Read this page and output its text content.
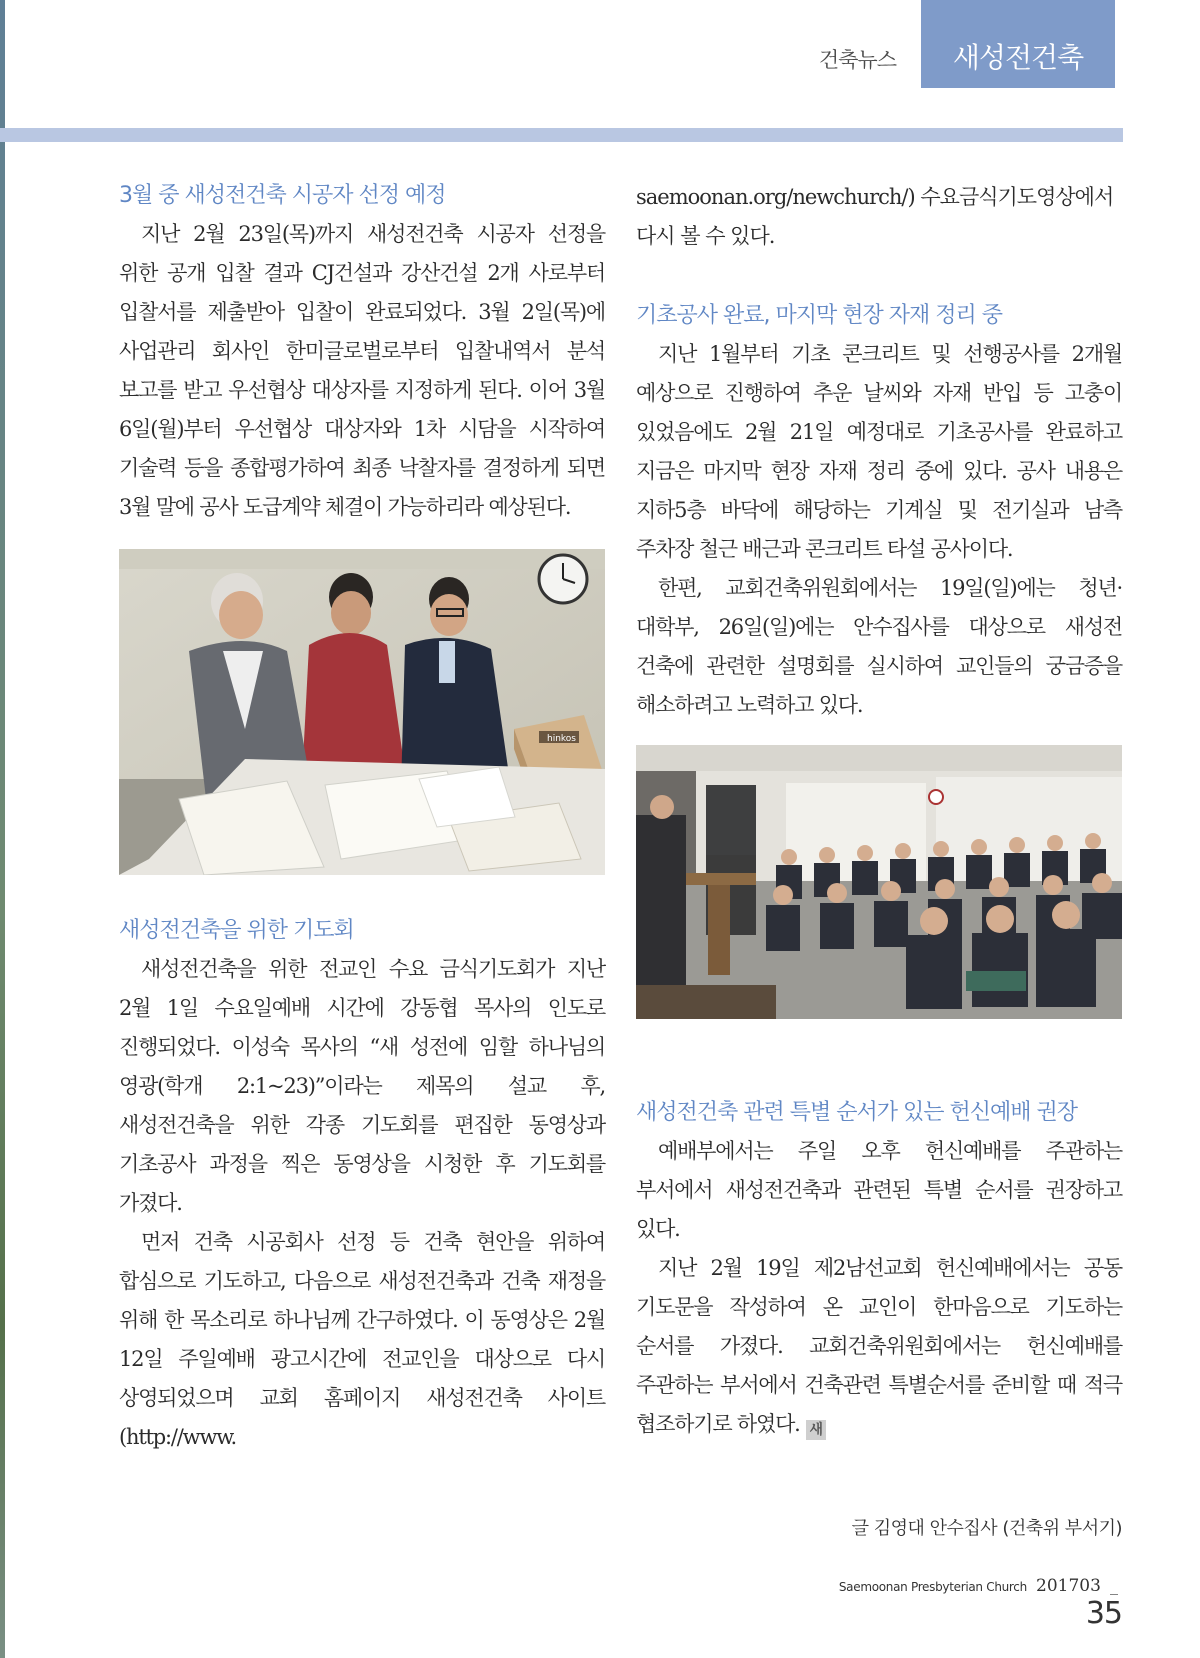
건축뉴스 새성전건축
3월 중 새성전건축 시공자 선정 예정

지난 2월 23일(목)까지 새성전건축 시공자 선정을 위한 공개 입찰 결과 CJ건설과 강산건설 2개 사로부터 입찰서를 제출받아 입찰이 완료되었다. 3월 2일(목)에 사업관리 회사인 한미글로벌로부터 입찰내역서 분석 보고를 받고 우선협상 대상자를 지정하게 된다. 이어 3월 6일(월)부터 우선협상 대상자와 1차 시담을 시작하여 기술력 등을 종합평가하여 최종 낙찰자를 결정하게 되면 3월 말에 공사 도급계약 체결이 가능하리라 예상된다.

hinkos
새성전건축을 위한 기도회

새성전건축을 위한 전교인 수요 금식기도회가 지난 2월 1일 수요일예배 시간에 강동협 목사의 인도로 진행되었다. 이성숙 목사의 “새 성전에 임할 하나님의 영광(학개 2:1~23)”이라는 제목의 설교 후, 새성전건축을 위한 각종 기도회를 편집한 동영상과 기초공사 과정을 찍은 동영상을 시청한 후 기도회를 가졌다.

먼저 건축 시공회사 선정 등 건축 현안을 위하여 합심으로 기도하고, 다음으로 새성전건축과 건축 재정을 위해 한 목소리로 하나님께 간구하였다. 이 동영상은 2월 12일 주일예배 광고시간에 전교인을 대상으로 다시 상영되었으며 교회 홈페이지 새성전건축 사이트(http://www.

saemoonan.org/newchurch/) 수요금식기도영상에서 다시 볼 수 있다.

기초공사 완료, 마지막 현장 자재 정리 중

지난 1월부터 기초 콘크리트 및 선행공사를 2개월 예상으로 진행하여 추운 날씨와 자재 반입 등 고충이 있었음에도 2월 21일 예정대로 기초공사를 완료하고 지금은 마지막 현장 자재 정리 중에 있다. 공사 내용은 지하5층 바닥에 해당하는 기계실 및 전기실과 남측 주차장 철근 배근과 콘크리트 타설 공사이다.

한편, 교회건축위원회에서는 19일(일)에는 청년·대학부, 26일(일)에는 안수집사를 대상으로 새성전 건축에 관련한 설명회를 실시하여 교인들의 궁금증을 해소하려고 노력하고 있다.

새성전건축 관련 특별 순서가 있는 헌신예배 권장

예배부에서는 주일 오후 헌신예배를 주관하는 부서에서 새성전건축과 관련된 특별 순서를 권장하고 있다.

지난 2월 19일 제2남선교회 헌신예배에서는 공동 기도문을 작성하여 온 교인이 한마음으로 기도하는 순서를 가졌다. 교회건축위원회에서는 헌신예배를 주관하는 부서에서 건축관련 특별순서를 준비할 때 적극 협조하기로 하였다. 새

글 김영대 안수집사 (건축위 부서기)
Saemoonan Presbyterian Church 201703 _ 35
